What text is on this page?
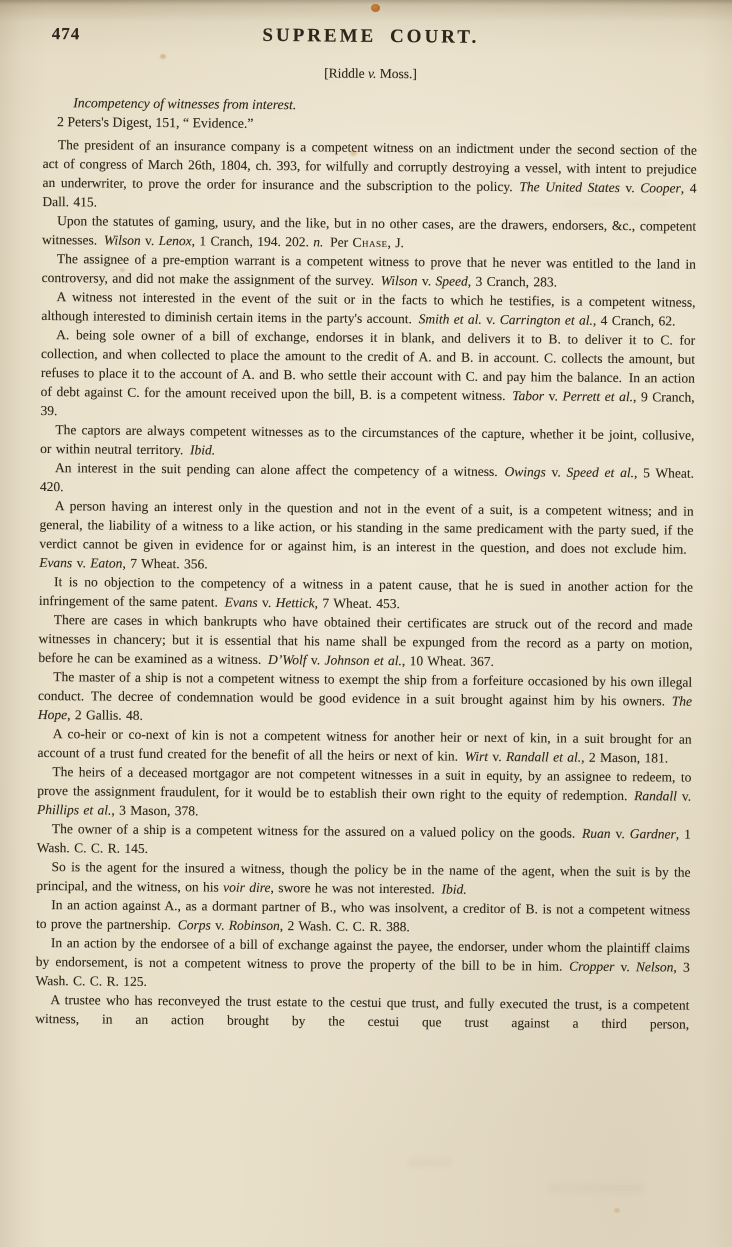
474	SUPREME COURT.
[Riddle v. Moss.]
Incompetency of witnesses from interest.
2 Peters's Digest, 151, “ Evidence.”

The president of an insurance company is a competent witness on an indictment under the second section of the act of congress of March 26th, 1804, ch. 393, for wilfully and corruptly destroying a vessel, with intent to prejudice an underwriter, to prove the order for insurance and the subscription to the policy. The United States v. Cooper, 4 Dall. 415.

Upon the statutes of gaming, usury, and the like, but in no other cases, are the drawers, endorsers, &c., competent witnesses. Wilson v. Lenox, 1 Cranch, 194. 202. n. Per Chase, J.

The assignee of a pre-emption warrant is a competent witness to prove that he never was entitled to the land in controversy, and did not make the assignment of the survey. Wilson v. Speed, 3 Cranch, 283.

A witness not interested in the event of the suit or in the facts to which he testifies, is a competent witness, although interested to diminish certain items in the party's account. Smith et al. v. Carrington et al., 4 Cranch, 62.

A. being sole owner of a bill of exchange, endorses it in blank, and delivers it to B. to deliver it to C. for collection, and when collected to place the amount to the credit of A. and B. in account. C. collects the amount, but refuses to place it to the account of A. and B. who settle their account with C. and pay him the balance. In an action of debt against C. for the amount received upon the bill, B. is a competent witness. Tabor v. Perrett et al., 9 Cranch, 39.

The captors are always competent witnesses as to the circumstances of the capture, whether it be joint, collusive, or within neutral territory. Ibid.

An interest in the suit pending can alone affect the competency of a witness. Owings v. Speed et al., 5 Wheat. 420.

A person having an interest only in the question and not in the event of a suit, is a competent witness; and in general, the liability of a witness to a like action, or his standing in the same predicament with the party sued, if the verdict cannot be given in evidence for or against him, is an interest in the question, and does not exclude him. Evans v. Eaton, 7 Wheat. 356.

It is no objection to the competency of a witness in a patent cause, that he is sued in another action for the infringement of the same patent. Evans v. Hettick, 7 Wheat. 453.

There are cases in which bankrupts who have obtained their certificates are struck out of the record and made witnesses in chancery; but it is essential that his name shall be expunged from the record as a party on motion, before he can be examined as a witness. D’Wolf v. Johnson et al., 10 Wheat. 367.

The master of a ship is not a competent witness to exempt the ship from a forfeiture occasioned by his own illegal conduct. The decree of condemnation would be good evidence in a suit brought against him by his owners. The Hope, 2 Gallis. 48.

A co-heir or co-next of kin is not a competent witness for another heir or next of kin, in a suit brought for an account of a trust fund created for the benefit of all the heirs or next of kin. Wirt v. Randall et al., 2 Mason, 181.

The heirs of a deceased mortgagor are not competent witnesses in a suit in equity, by an assignee to redeem, to prove the assignment fraudulent, for it would be to establish their own right to the equity of redemption. Randall v. Phillips et al., 3 Mason, 378.

The owner of a ship is a competent witness for the assured on a valued policy on the goods. Ruan v. Gardner, 1 Wash. C. C. R. 145.

So is the agent for the insured a witness, though the policy be in the name of the agent, when the suit is by the principal, and the witness, on his voir dire, swore he was not interested. Ibid.

In an action against A., as a dormant partner of B., who was insolvent, a creditor of B. is not a competent witness to prove the partnership. Corps v. Robinson, 2 Wash. C. C. R. 388.

In an action by the endorsee of a bill of exchange against the payee, the endorser, under whom the plaintiff claims by endorsement, is not a competent witness to prove the property of the bill to be in him. Cropper v. Nelson, 3 Wash. C. C. R. 125.

A trustee who has reconveyed the trust estate to the cestui que trust, and fully executed the trust, is a competent witness, in an action brought by the cestui que trust against a third person,
